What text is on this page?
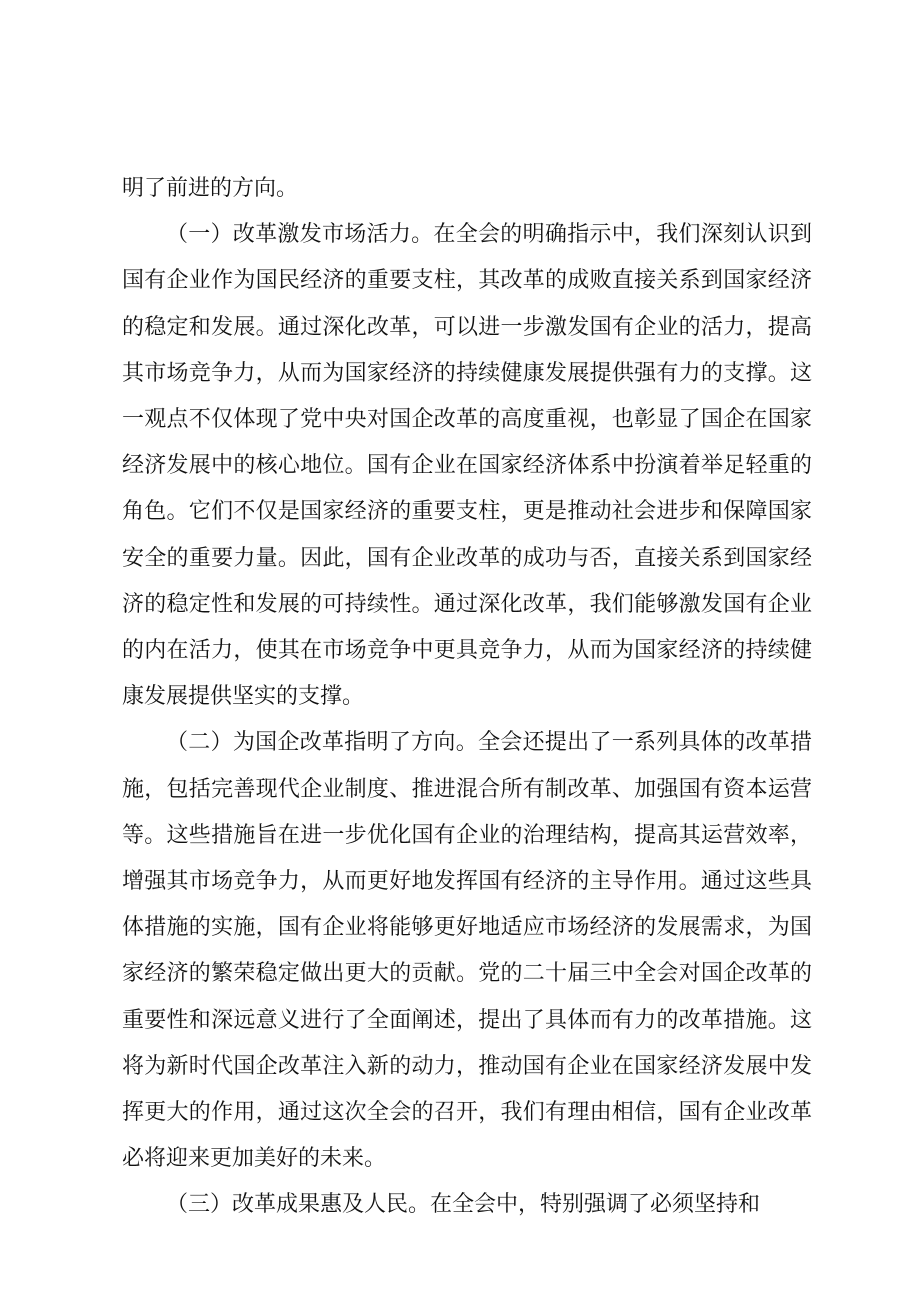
明了前进的方向。

（一）改革激发市场活力。在全会的明确指示中，我们深刻认识到国有企业作为国民经济的重要支柱，其改革的成败直接关系到国家经济的稳定和发展。通过深化改革，可以进一步激发国有企业的活力，提高其市场竞争力，从而为国家经济的持续健康发展提供强有力的支撑。这一观点不仅体现了党中央对国企改革的高度重视，也彰显了国企在国家经济发展中的核心地位。国有企业在国家经济体系中扮演着举足轻重的角色。它们不仅是国家经济的重要支柱，更是推动社会进步和保障国家安全的重要力量。因此，国有企业改革的成功与否，直接关系到国家经济的稳定性和发展的可持续性。通过深化改革，我们能够激发国有企业的内在活力，使其在市场竞争中更具竞争力，从而为国家经济的持续健康发展提供坚实的支撑。

（二）为国企改革指明了方向。全会还提出了一系列具体的改革措施，包括完善现代企业制度、推进混合所有制改革、加强国有资本运营等。这些措施旨在进一步优化国有企业的治理结构，提高其运营效率，增强其市场竞争力，从而更好地发挥国有经济的主导作用。通过这些具体措施的实施，国有企业将能够更好地适应市场经济的发展需求，为国家经济的繁荣稳定做出更大的贡献。党的二十届三中全会对国企改革的重要性和深远意义进行了全面阐述，提出了具体而有力的改革措施。这将为新时代国企改革注入新的动力，推动国有企业在国家经济发展中发挥更大的作用，通过这次全会的召开，我们有理由相信，国有企业改革必将迎来更加美好的未来。

（三）改革成果惠及人民。在全会中，特别强调了必须坚持和
